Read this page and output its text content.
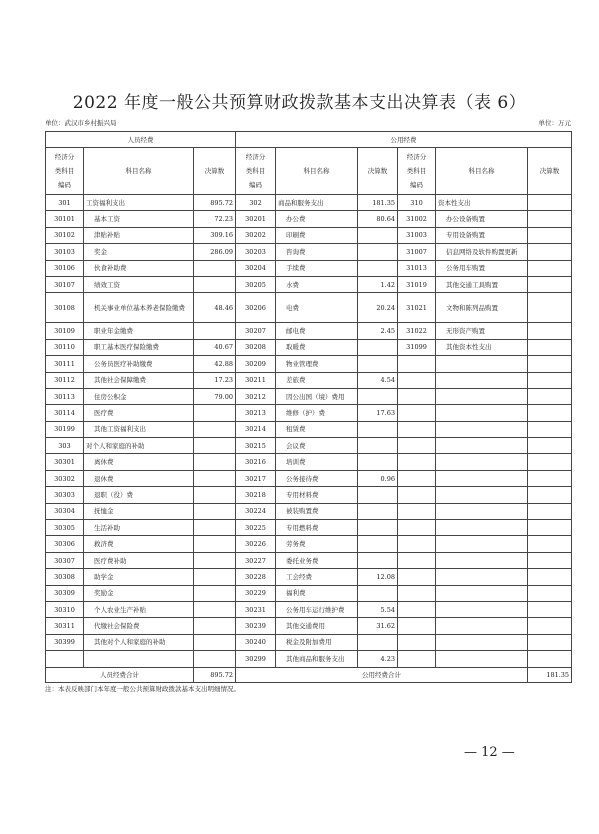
2022 年度一般公共预算财政拨款基本支出决算表（表 6）
单位：武汉市乡村振兴局	单位：万元
人员经费			公用经费					

经济分
类科目
编码	科目名称	决算数	经济分
类科目
编码	科目名称	决算数	经济分
类科目
编码	科目名称	决算数
301	工资福利支出	895.72	302	商品和服务支出	181.35	310	资本性支出	
30101	基本工资	72.23	30201	办公费	80.64	31002	办公设备购置	
30102	津贴补贴	309.16	30202	印刷费		31003	专用设备购置	
30103	奖金	286.09	30203	咨询费		31007	信息网络及软件购置更新	
30106	伙食补助费		30204	手续费		31013	公务用车购置	
30107	绩效工资		30205	水费	1.42	31019	其他交通工具购置	
30108	机关事业单位基本养老保险缴费	48.46	30206	电费	20.24	31021	文物和陈列品购置	
30109	职业年金缴费		30207	邮电费	2.45	31022	无形资产购置	
30110	职工基本医疗保险缴费	40.67	30208	取暖费		31099	其他资本性支出	
30111	公务员医疗补助缴费	42.88	30209	物业管理费				
30112	其他社会保障缴费	17.23	30211	差旅费	4.54			
30113	住房公积金	79.00	30212	因公出国（境）费用				
30114	医疗费		30213	维修（护）费	17.63			
30199	其他工资福利支出		30214	租赁费				
303	对个人和家庭的补助		30215	会议费				
30301	离休费		30216	培训费				
30302	退休费		30217	公务接待费	0.96			
30303	退职（役）费		30218	专用材料费				
30304	抚恤金		30224	被装购置费				
30305	生活补助		30225	专用燃料费				
30306	救济费		30226	劳务费				
30307	医疗费补助		30227	委托业务费				
30308	助学金		30228	工会经费	12.08			
30309	奖励金		30229	福利费				
30310	个人农业生产补贴		30231	公务用车运行维护费	5.54			
30311	代缴社会保险费		30239	其他交通费用	31.62			
30399	其他对个人和家庭的补助		30240	税金及附加费用				
			30299	其他商品和服务支出	4.23			
人员经费合计		895.72	公用经费合计					181.35
注：本表反映部门本年度一般公共预算财政拨款基本支出明细情况。
— 12 —
